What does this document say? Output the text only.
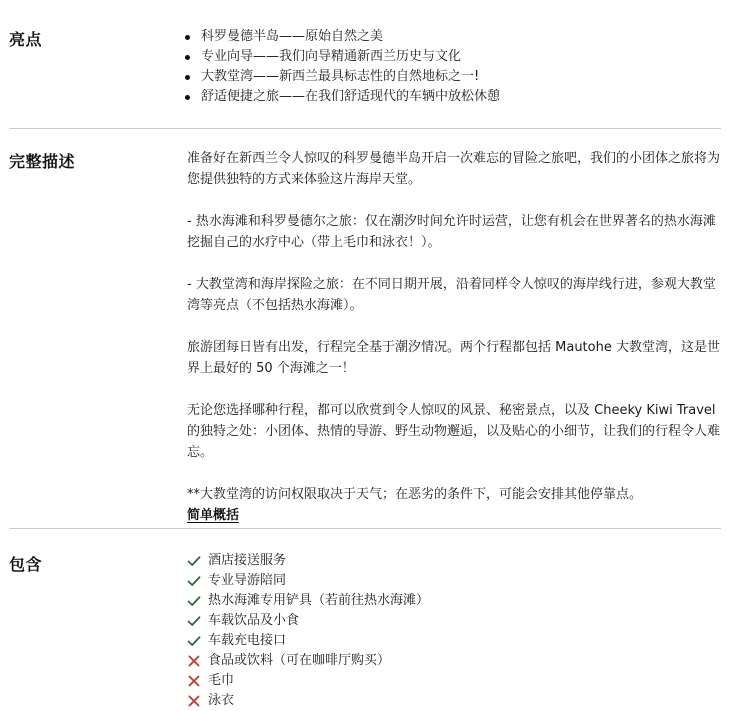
亮点	科罗曼德半岛——原始自然之美
专业向导——我们向导精通新西兰历史与文化
大教堂湾——新西兰最具标志性的自然地标之一!
舒适便捷之旅——在我们舒适现代的车辆中放松休憩
完整描述	准备好在新西兰令人惊叹的科罗曼德半岛开启一次难忘的冒险之旅吧，我们的小团体之旅将为您提供独特的方式来体验这片海岸天堂。

- 热水海滩和科罗曼德尔之旅：仅在潮汐时间允许时运营，让您有机会在世界著名的热水海滩挖掘自己的水疗中心（带上毛巾和泳衣！）。

- 大教堂湾和海岸探险之旅：在不同日期开展，沿着同样令人惊叹的海岸线行进，参观大教堂湾等亮点（不包括热水海滩）。

旅游团每日皆有出发，行程完全基于潮汐情况。两个行程都包括 Mautohe 大教堂湾，这是世界上最好的 50 个海滩之一！

无论您选择哪种行程，都可以欣赏到令人惊叹的风景、秘密景点，以及 Cheeky Kiwi Travel 的独特之处：小团体、热情的导游、野生动物邂逅，以及贴心的小细节，让我们的行程令人难忘。

**大教堂湾的访问权限取决于天气；在恶劣的条件下，可能会安排其他停靠点。

简单概括
包含	酒店接送服务
专业导游陪同
热水海滩专用铲具（若前往热水海滩）
车载饮品及小食
车载充电接口
食品或饮料（可在咖啡厅购买）
毛巾
泳衣
